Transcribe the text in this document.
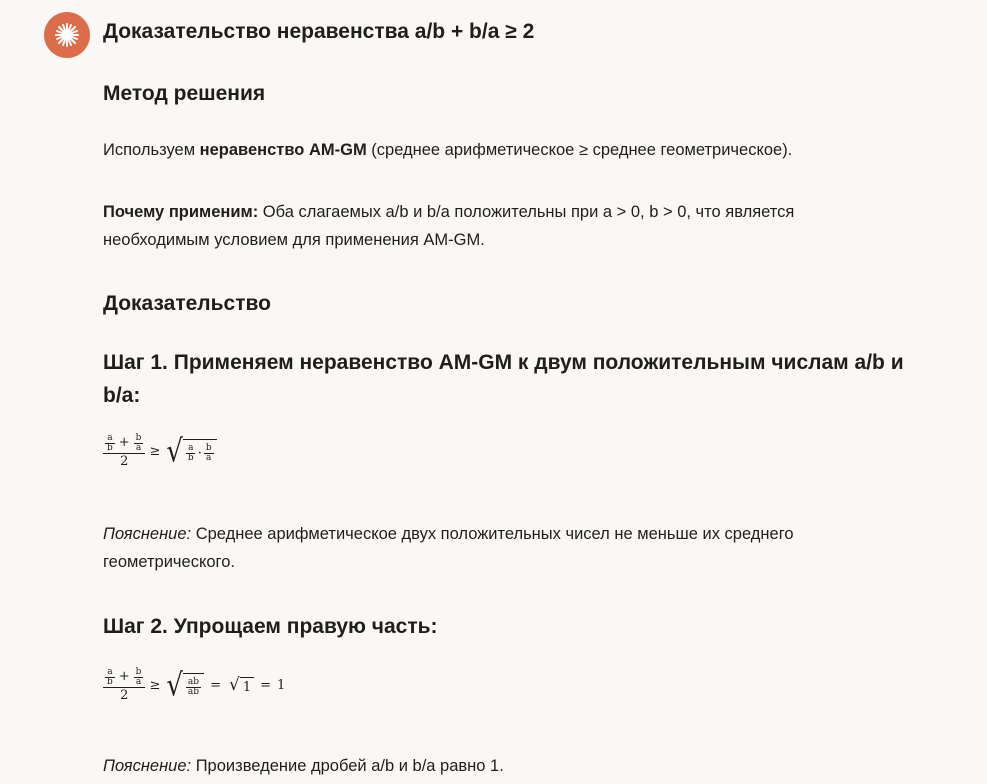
Доказательство неравенства a/b + b/a ≥ 2
Метод решения
Используем неравенство AM-GM (среднее арифметическое ≥ среднее геометрическое).
Почему применим: Оба слагаемых a/b и b/a положительны при a > 0, b > 0, что является необходимым условием для применения AM-GM.
Доказательство
Шаг 1. Применяем неравенство AM-GM к двум положительным числам a/b и b/a:
$\frac{\frac{a}{b} + \frac{b}{a}}{2}$ ≥ √ $\frac{a}{b} \cdot \frac{b}{a}$
Пояснение: Среднее арифметическое двух положительных чисел не меньше их среднего геометрического.
Шаг 2. Упрощаем правую часть:
$\frac{\frac{a}{b} + \frac{b}{a}}{2}$ ≥ √ $\frac{ab}{ab}$ = √ 1 = 1
Пояснение: Произведение дробей a/b и b/a равно 1.
